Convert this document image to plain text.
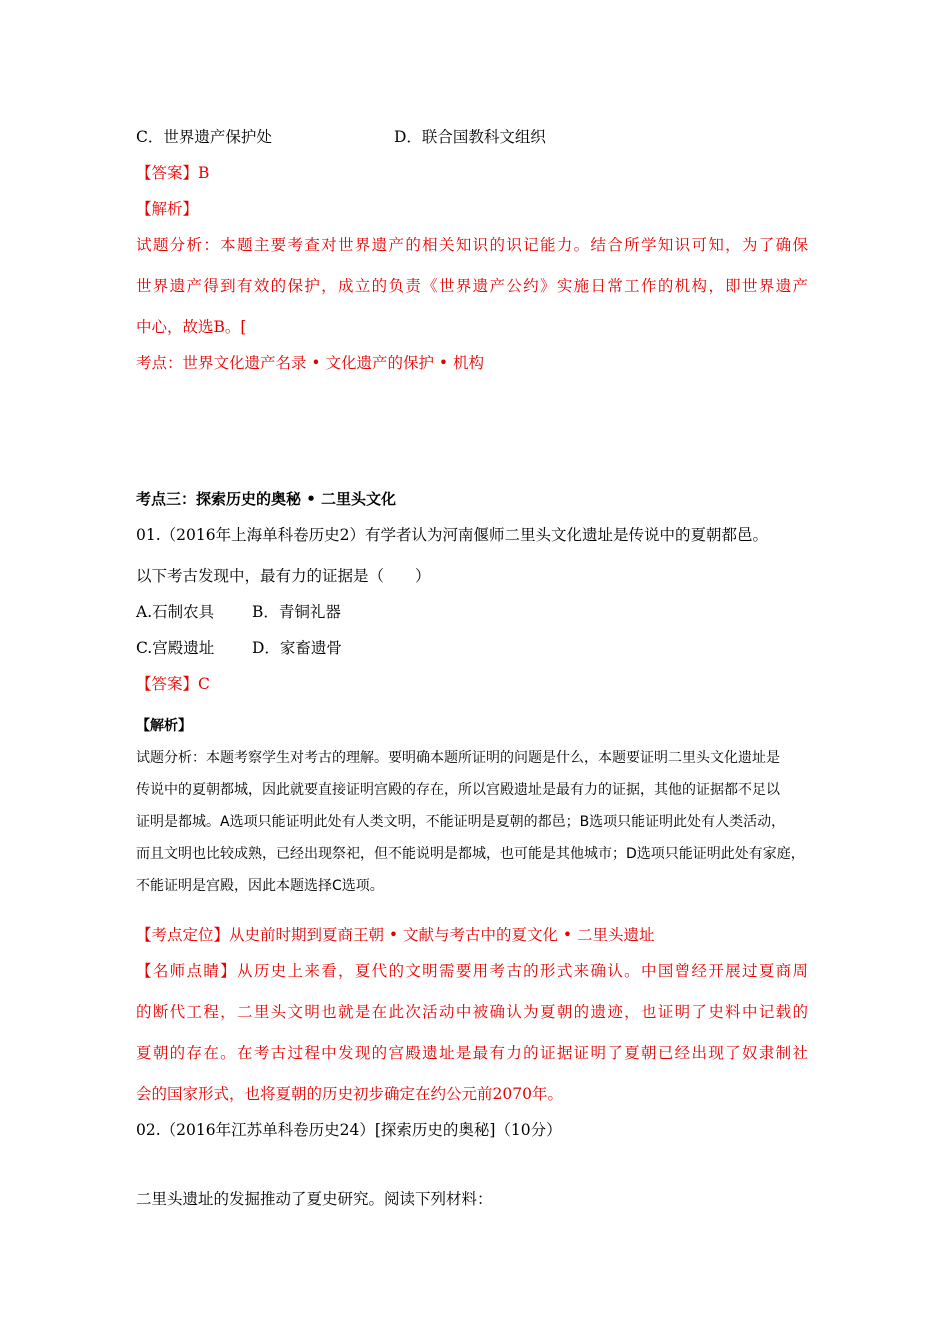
C．世界遗产保护处	D．联合国教科文组织
【答案】B
【解析】
试题分析：本题主要考查对世界遗产的相关知识的识记能力。结合所学知识可知，为了确保
世界遗产得到有效的保护，成立的负责《世界遗产公约》实施日常工作的机构，即世界遗产
中心，故选B。[
考点：世界文化遗产名录 • 文化遗产的保护 • 机构
考点三：探索历史的奥秘 • 二里头文化
01.（2016年上海单科卷历史2）有学者认为河南偃师二里头文化遗址是传说中的夏朝都邑。
以下考古发现中，最有力的证据是（　　）
A.石制农具 B．青铜礼器
C.宫殿遗址 D．家畜遗骨
【答案】C
【解析】
试题分析：本题考察学生对考古的理解。要明确本题所证明的问题是什么，本题要证明二里头文化遗址是
传说中的夏朝都城，因此就要直接证明宫殿的存在，所以宫殿遗址是最有力的证据，其他的证据都不足以
证明是都城。A选项只能证明此处有人类文明，不能证明是夏朝的都邑；B选项只能证明此处有人类活动，
而且文明也比较成熟，已经出现祭祀，但不能说明是都城，也可能是其他城市；D选项只能证明此处有家庭，
不能证明是宫殿，因此本题选择C选项。
【考点定位】从史前时期到夏商王朝 • 文献与考古中的夏文化 • 二里头遗址
【名师点睛】从历史上来看，夏代的文明需要用考古的形式来确认。中国曾经开展过夏商周
的断代工程，二里头文明也就是在此次活动中被确认为夏朝的遗迹，也证明了史料中记载的
夏朝的存在。在考古过程中发现的宫殿遗址是最有力的证据证明了夏朝已经出现了奴隶制社
会的国家形式，也将夏朝的历史初步确定在约公元前2070年。
02.（2016年江苏单科卷历史24）[探索历史的奥秘]（10分）
二里头遗址的发掘推动了夏史研究。阅读下列材料：
